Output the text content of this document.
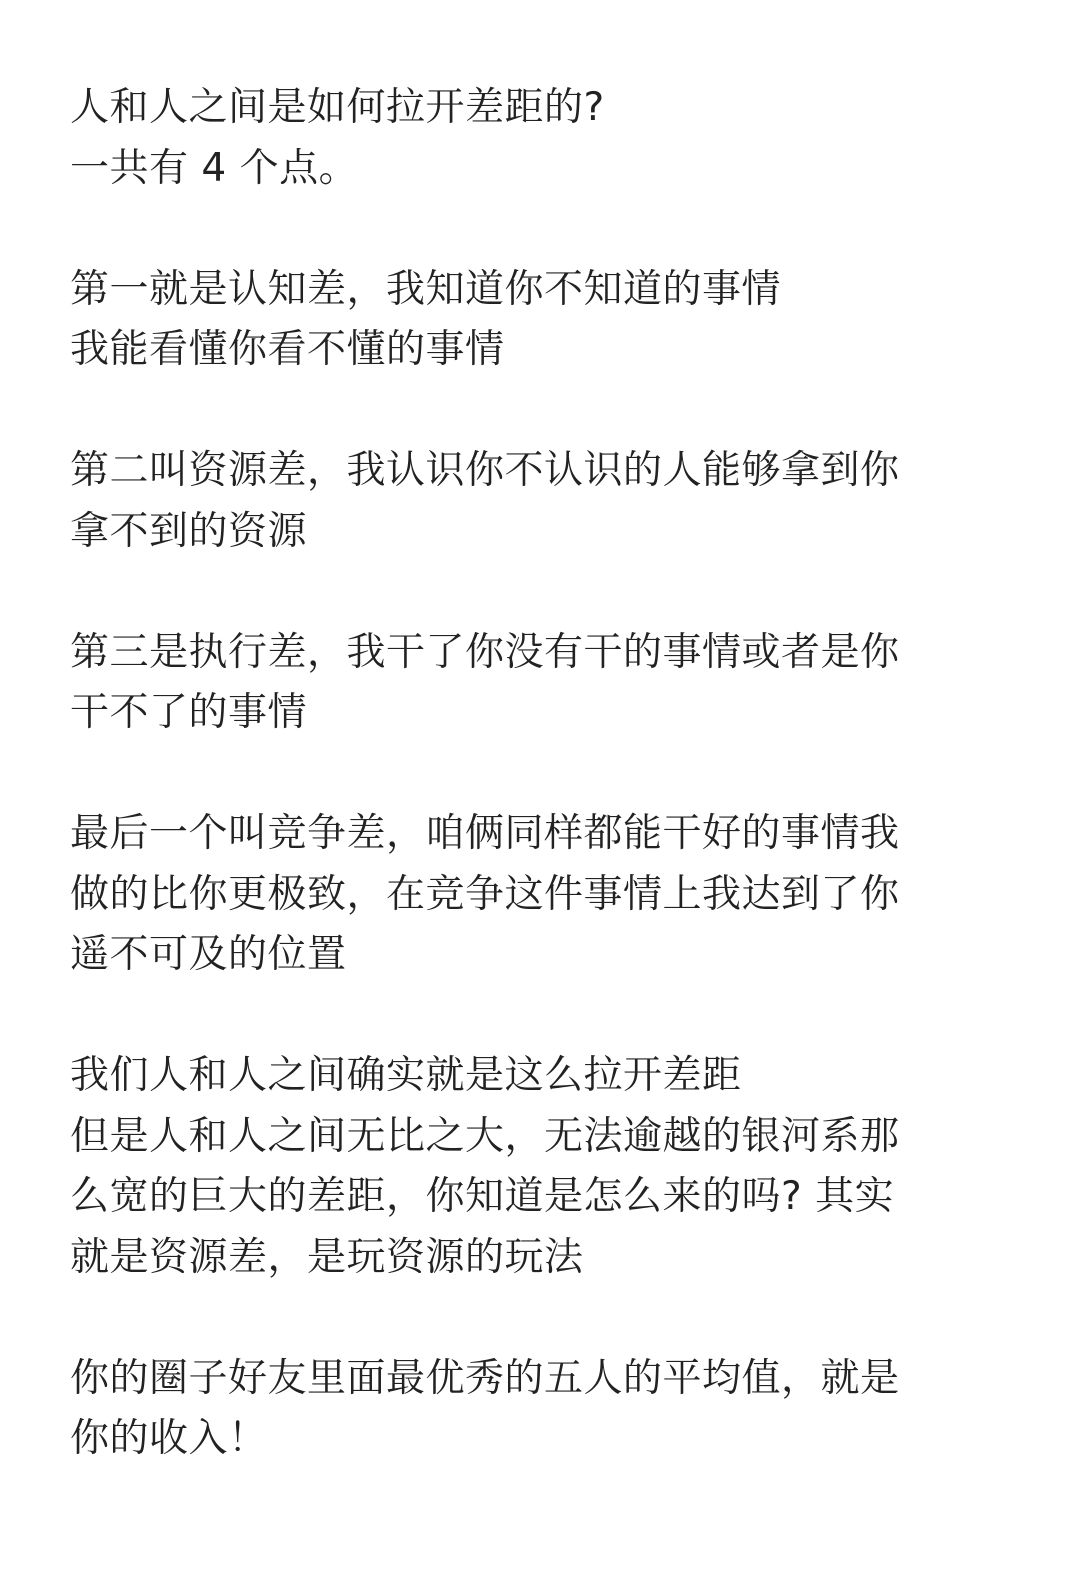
人和人之间是如何拉开差距的?
一共有 4 个点。
第一就是认知差，我知道你不知道的事情
我能看懂你看不懂的事情
第二叫资源差，我认识你不认识的人能够拿到你
拿不到的资源
第三是执行差，我干了你没有干的事情或者是你
干不了的事情
最后一个叫竞争差，咱俩同样都能干好的事情我
做的比你更极致，在竞争这件事情上我达到了你
遥不可及的位置
我们人和人之间确实就是这么拉开差距
但是人和人之间无比之大，无法逾越的银河系那
么宽的巨大的差距，你知道是怎么来的吗? 其实
就是资源差，是玩资源的玩法
你的圈子好友里面最优秀的五人的平均值，就是
你的收入！
